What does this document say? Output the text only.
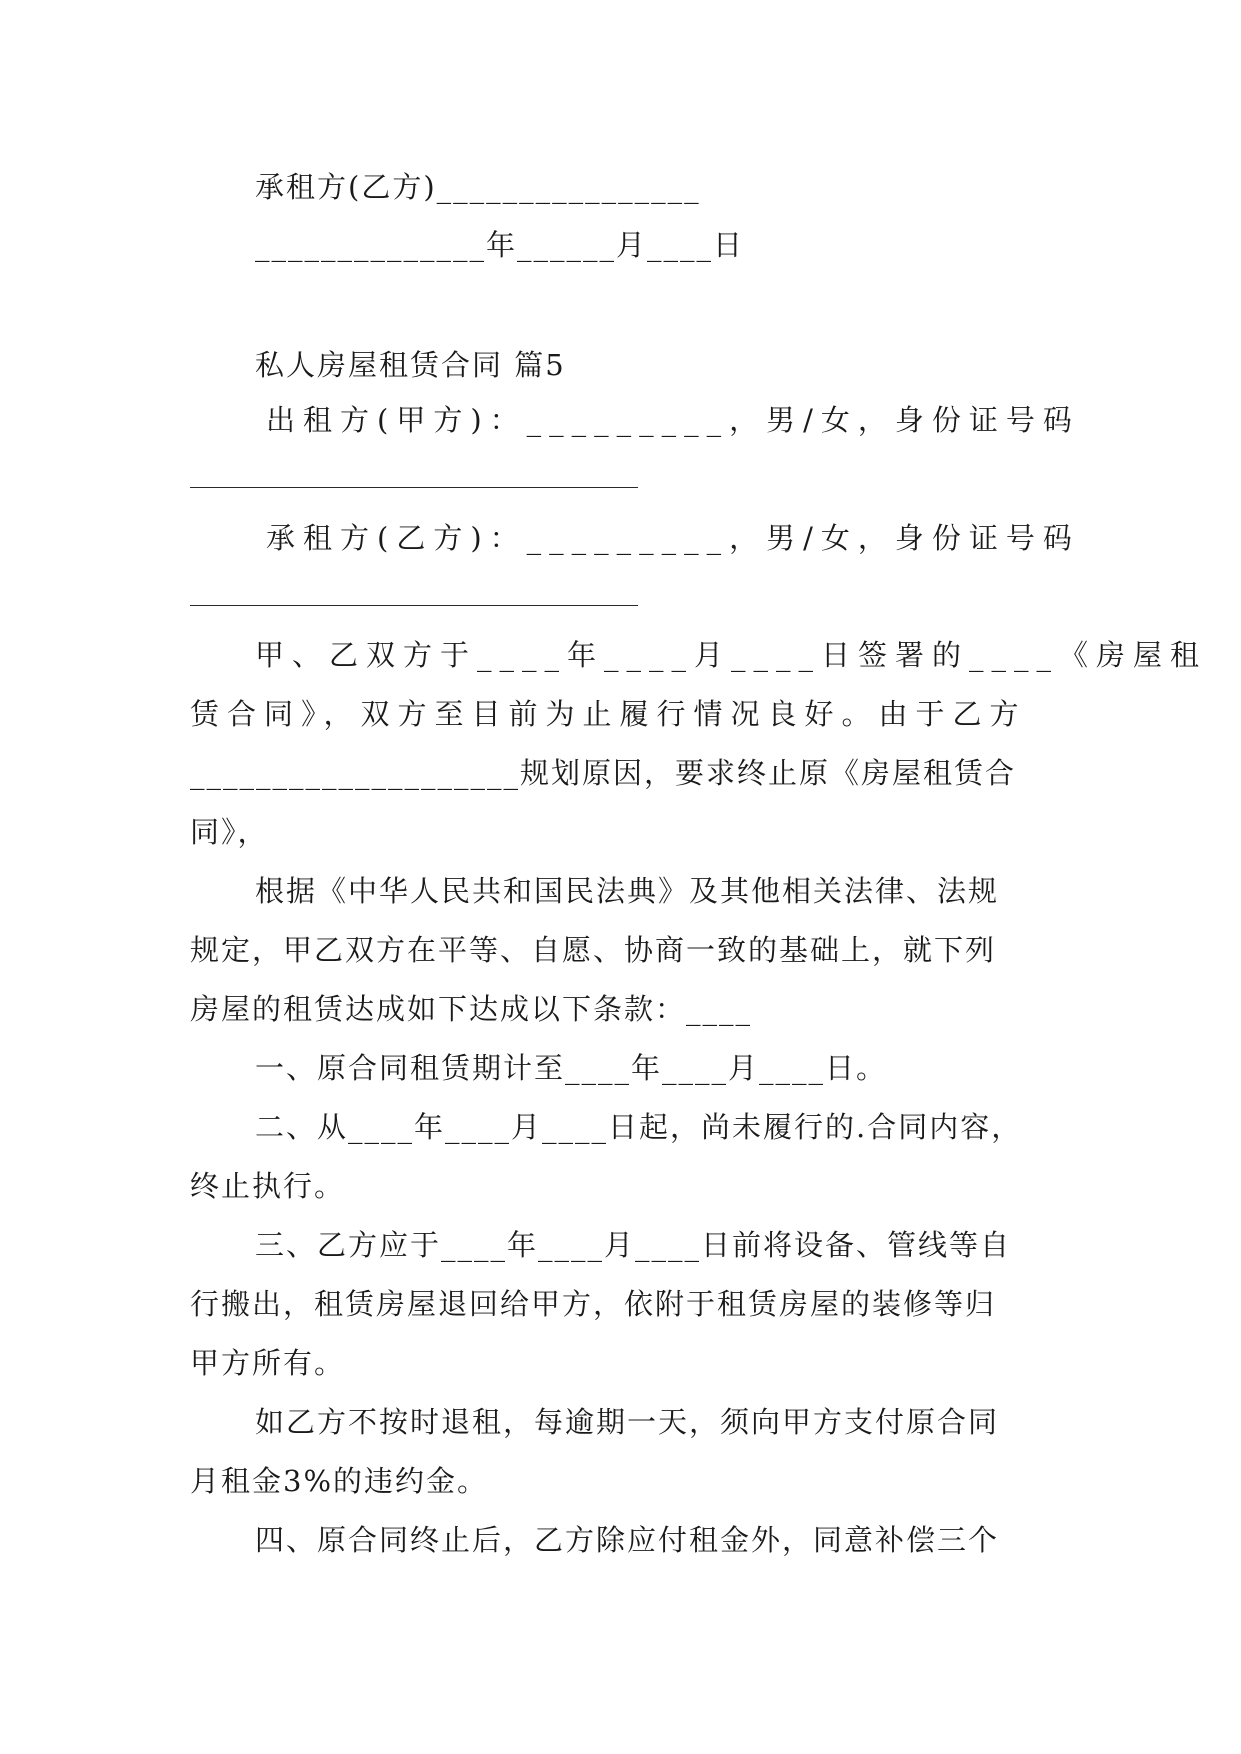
承租方(乙方)________________
______________年______月____日
私人房屋租赁合同 篇5
出租方(甲方)：_________，男/女，身份证号码
承租方(乙方)：_________，男/女，身份证号码
甲、乙双方于____年____月____日签署的____《房屋租
赁合同》，双方至目前为止履行情况良好。由于乙方
____________________规划原因，要求终止原《房屋租赁合
同》，
根据《中华人民共和国民法典》及其他相关法律、法规
规定，甲乙双方在平等、自愿、协商一致的基础上，就下列
房屋的租赁达成如下达成以下条款：____
一、原合同租赁期计至____年____月____日。
二、从____年____月____日起，尚未履行的.合同内容，
终止执行。
三、乙方应于____年____月____日前将设备、管线等自
行搬出，租赁房屋退回给甲方，依附于租赁房屋的装修等归
甲方所有。
如乙方不按时退租，每逾期一天，须向甲方支付原合同
月租金3%的违约金。
四、原合同终止后，乙方除应付租金外，同意补偿三个
